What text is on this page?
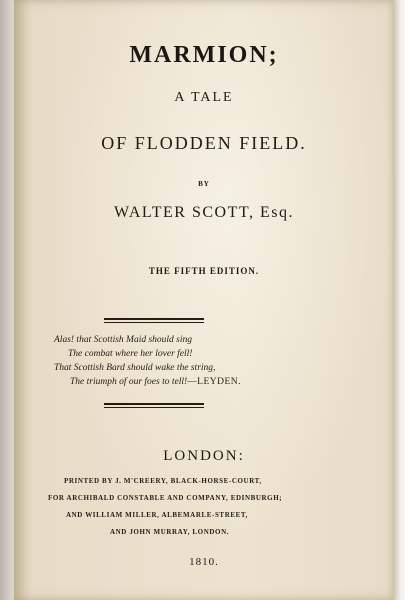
MARMION;

A TALE

OF FLODDEN FIELD.

BY

WALTER SCOTT, Esq.

THE FIFTH EDITION.

Alas! that Scottish Maid should sing

The combat where her lover fell!

That Scottish Bard should wake the string,

The triumph of our foes to tell!—LEYDEN.

LONDON:

PRINTED BY J. M'CREERY, BLACK-HORSE-COURT,

FOR ARCHIBALD CONSTABLE AND COMPANY, EDINBURGH;

AND WILLIAM MILLER, ALBEMARLE-STREET,

AND JOHN MURRAY, LONDON.

1810.
